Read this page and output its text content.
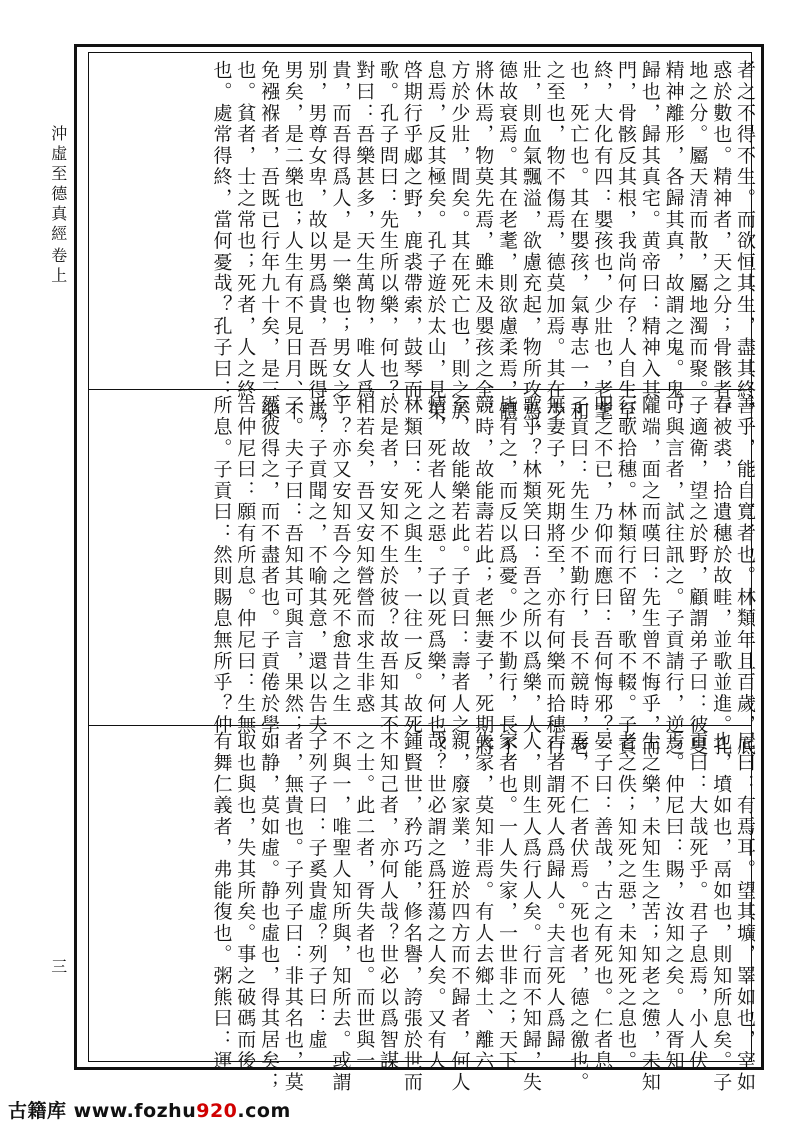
沖虛至德真經
卷上
三
者之不得不生。而欲恒其生，盡其終，
惑於數也。精神者，天之分；骨骸者，
地之分。屬天清而散，屬地濁而聚。
精神離形，各歸其真，故謂之鬼。鬼，
歸也，歸其真宅。黄帝曰：精神入其
門，骨骸反其根，我尚何存？人自生至
終，大化有四：嬰孩也，少壯也，老耄
也，死亡也。其在嬰孩，氣專志一，和
之至也，物不傷焉，德莫加焉。其在少
壯，則血氣飄溢，欲慮充起，物所攻焉，
德故衰焉。其在老耄，則欲慮柔焉，體
將休焉，物莫先焉，雖未及嬰孩之全，
方於少壯，間矣。其在死亡也，則之於
息焉，反其極矣。孔子遊於太山，見榮
啓期行乎郕之野，鹿裘帶索，鼓琴而
歌。孔子問曰：先生所以樂，何也？
對曰：吾樂甚多，天生萬物，唯人爲
貴，而吾得爲人，是一樂也；男女之
别，男尊女卑，故以男爲貴，吾既得爲
男矣，是二樂也；人生有不見日月、不
免襁褓者，吾既已行年九十矣，是三樂
也。貧者，士之常也；死者，人之終
也。處常得終，當何憂哉？孔子曰：
善乎，能自寬者也。林類年且百歲，底
春被裘，拾遺穗於故畦，並歌並進。孔
子適衛，望之於野，顧謂弟子曰：彼叟
可與言者，試往訊之。子貢請行，逆之
隴端，面之而嘆曰：先生曾不悔乎，而
行歌拾穗。林類行不留，歌不輟。子貢
叩之不已，乃仰而應曰：吾何悔邪？
子貢曰：先生少不勤行，長不競時，老
無妻子，死期將至，亦有何樂而拾穗行
歌乎？林類笑曰：吾之所以爲樂，人
皆有之，而反以爲憂。少不勤行，長不
競時，故能壽若此；老無妻子，死期將
至，故能樂若此。子貢曰：壽者人之
情，死者人之惡。子以死爲樂，何也？
林類曰：死之與生，一往一反。故死
於是者，安知不生於彼？故吾知其不
相若矣，吾又安知營營而求生非惑
乎？亦又安知吾今之死不愈昔之生
乎？子貢聞之，不喻其意，還以告夫
子。夫子曰：吾知其可與言，果然；
然彼得之，而不盡者也。子貢倦於學，
告仲尼曰：願有所息。仲尼曰：生無
所息。子貢曰：然則賜息無所乎？仲
尼曰：有焉耳。望其壙，睪如也，宰如
也，墳如也，鬲如也，則知所息矣。子
貢曰：大哉死乎。君子息焉，小人伏
焉。仲尼曰：賜，汝知之矣。人胥知
生之樂，未知生之苦；知老之憊，未知
老之佚；知死之惡，未知死之息也。
晏子曰：善哉，古之有死也。仁者息
焉，不仁者伏焉。死也者，德之徼也。
古者謂死人爲歸人。夫言死人爲歸
人，則生人爲行人矣。行而不知歸，失
家者也。一人失家，一世非之；天下
失家，莫知非焉。有人去鄉土、離六
親，廢家業，遊於四方而不歸者，何人
哉？世必謂之爲狂蕩之人矣。又有人
鍾賢世，矜巧能，修名譽，誇張於世而
不知己者，亦何人哉？世必以爲智謀
之士。此二者，胥失者也。而世與一
不與一，唯聖人知所與，知所去。或謂
子列子曰：子奚貴虛？列子曰：虛
者，無貴也。子列子曰：非其名也，莫
如静，莫如虛。静也虛也，得其居矣；
取也與也，失其所矣。事之破碼而後
有舞仁義者，弗能復也。粥熊曰：運
古籍库 www.fozhu920.com
